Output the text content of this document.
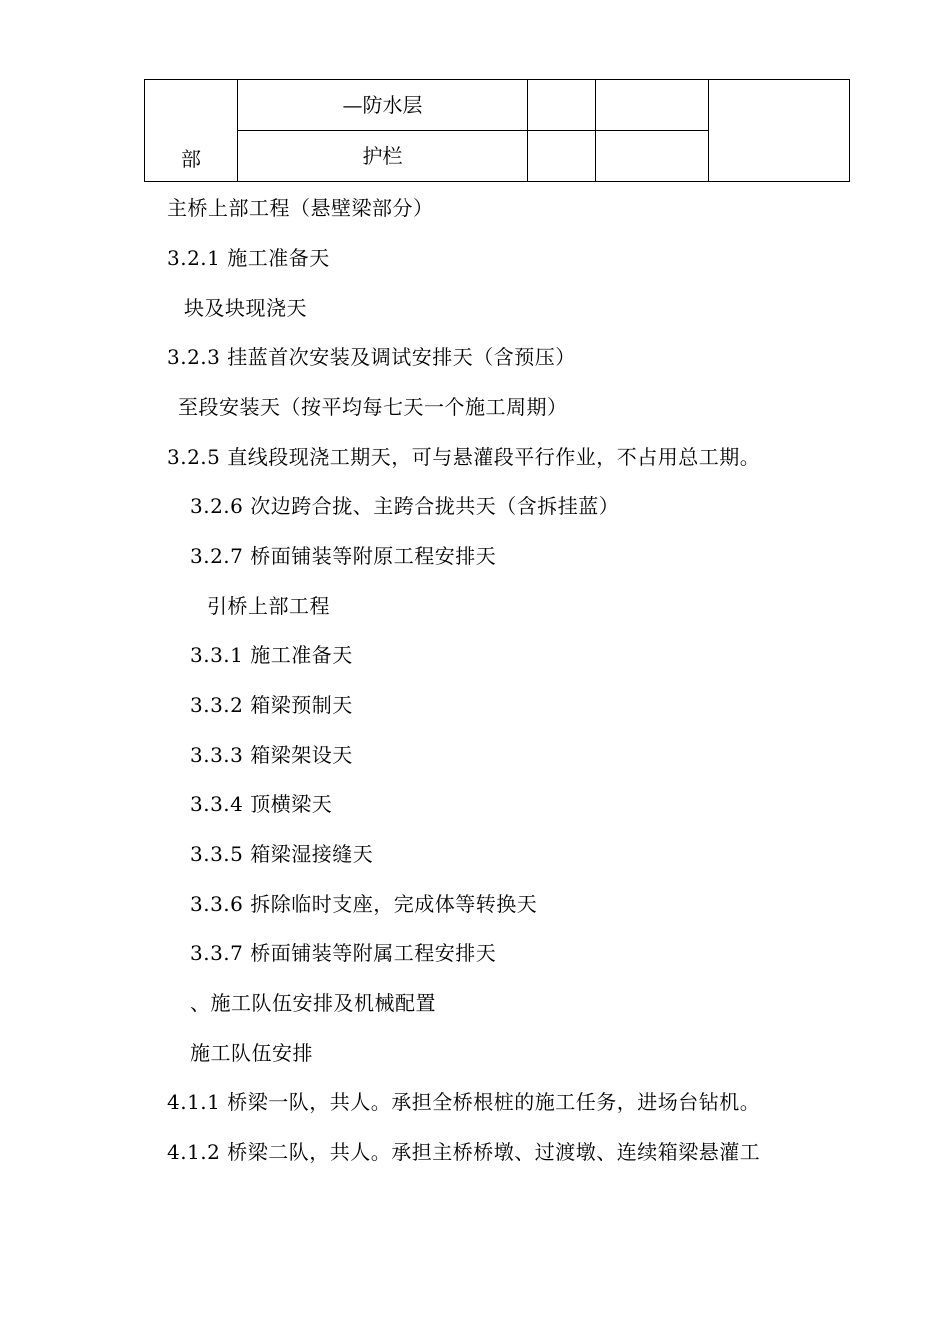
部	—防水层			
	护栏			
主桥上部工程（悬壁梁部分）
3.2.1 施工准备天
块及块现浇天
3.2.3 挂蓝首次安装及调试安排天（含预压）
至段安装天（按平均每七天一个施工周期）
3.2.5 直线段现浇工期天，可与悬灌段平行作业，不占用总工期。
3.2.6 次边跨合拢、主跨合拢共天（含拆挂蓝）
3.2.7 桥面铺装等附原工程安排天
引桥上部工程
3.3.1 施工准备天
3.3.2 箱梁预制天
3.3.3 箱梁架设天
3.3.4 顶横梁天
3.3.5 箱梁湿接缝天
3.3.6 拆除临时支座，完成体等转换天
3.3.7 桥面铺装等附属工程安排天
、施工队伍安排及机械配置
施工队伍安排
4.1.1 桥梁一队，共人。承担全桥根桩的施工任务，进场台钻机。
4.1.2 桥梁二队，共人。承担主桥桥墩、过渡墩、连续箱梁悬灌工
